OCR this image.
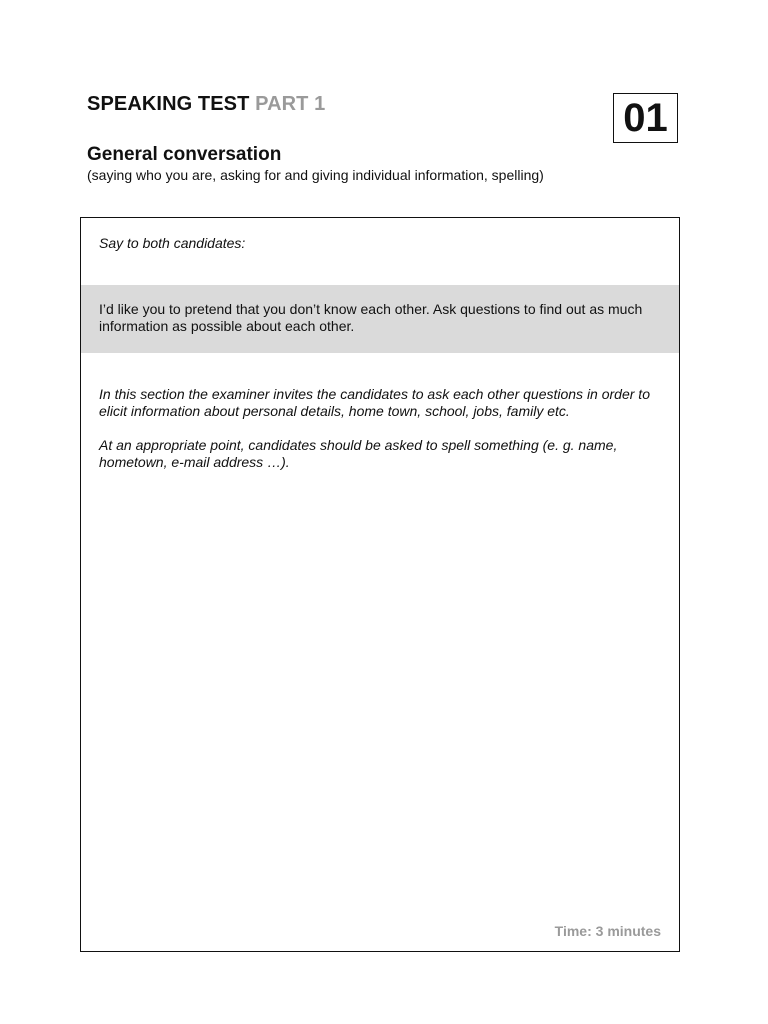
SPEAKING TEST PART 1	01
General conversation
(saying who you are, asking for and giving individual information, spelling)
Say to both candidates:
I’d like you to pretend that you don’t know each other. Ask questions to find out as much information as possible about each other.

In this section the examiner invites the candidates to ask each other questions in order to elicit information about personal details, home town, school, jobs, family etc.

At an appropriate point, candidates should be asked to spell something (e. g. name, hometown, e-mail address …).

Time: 3 minutes
